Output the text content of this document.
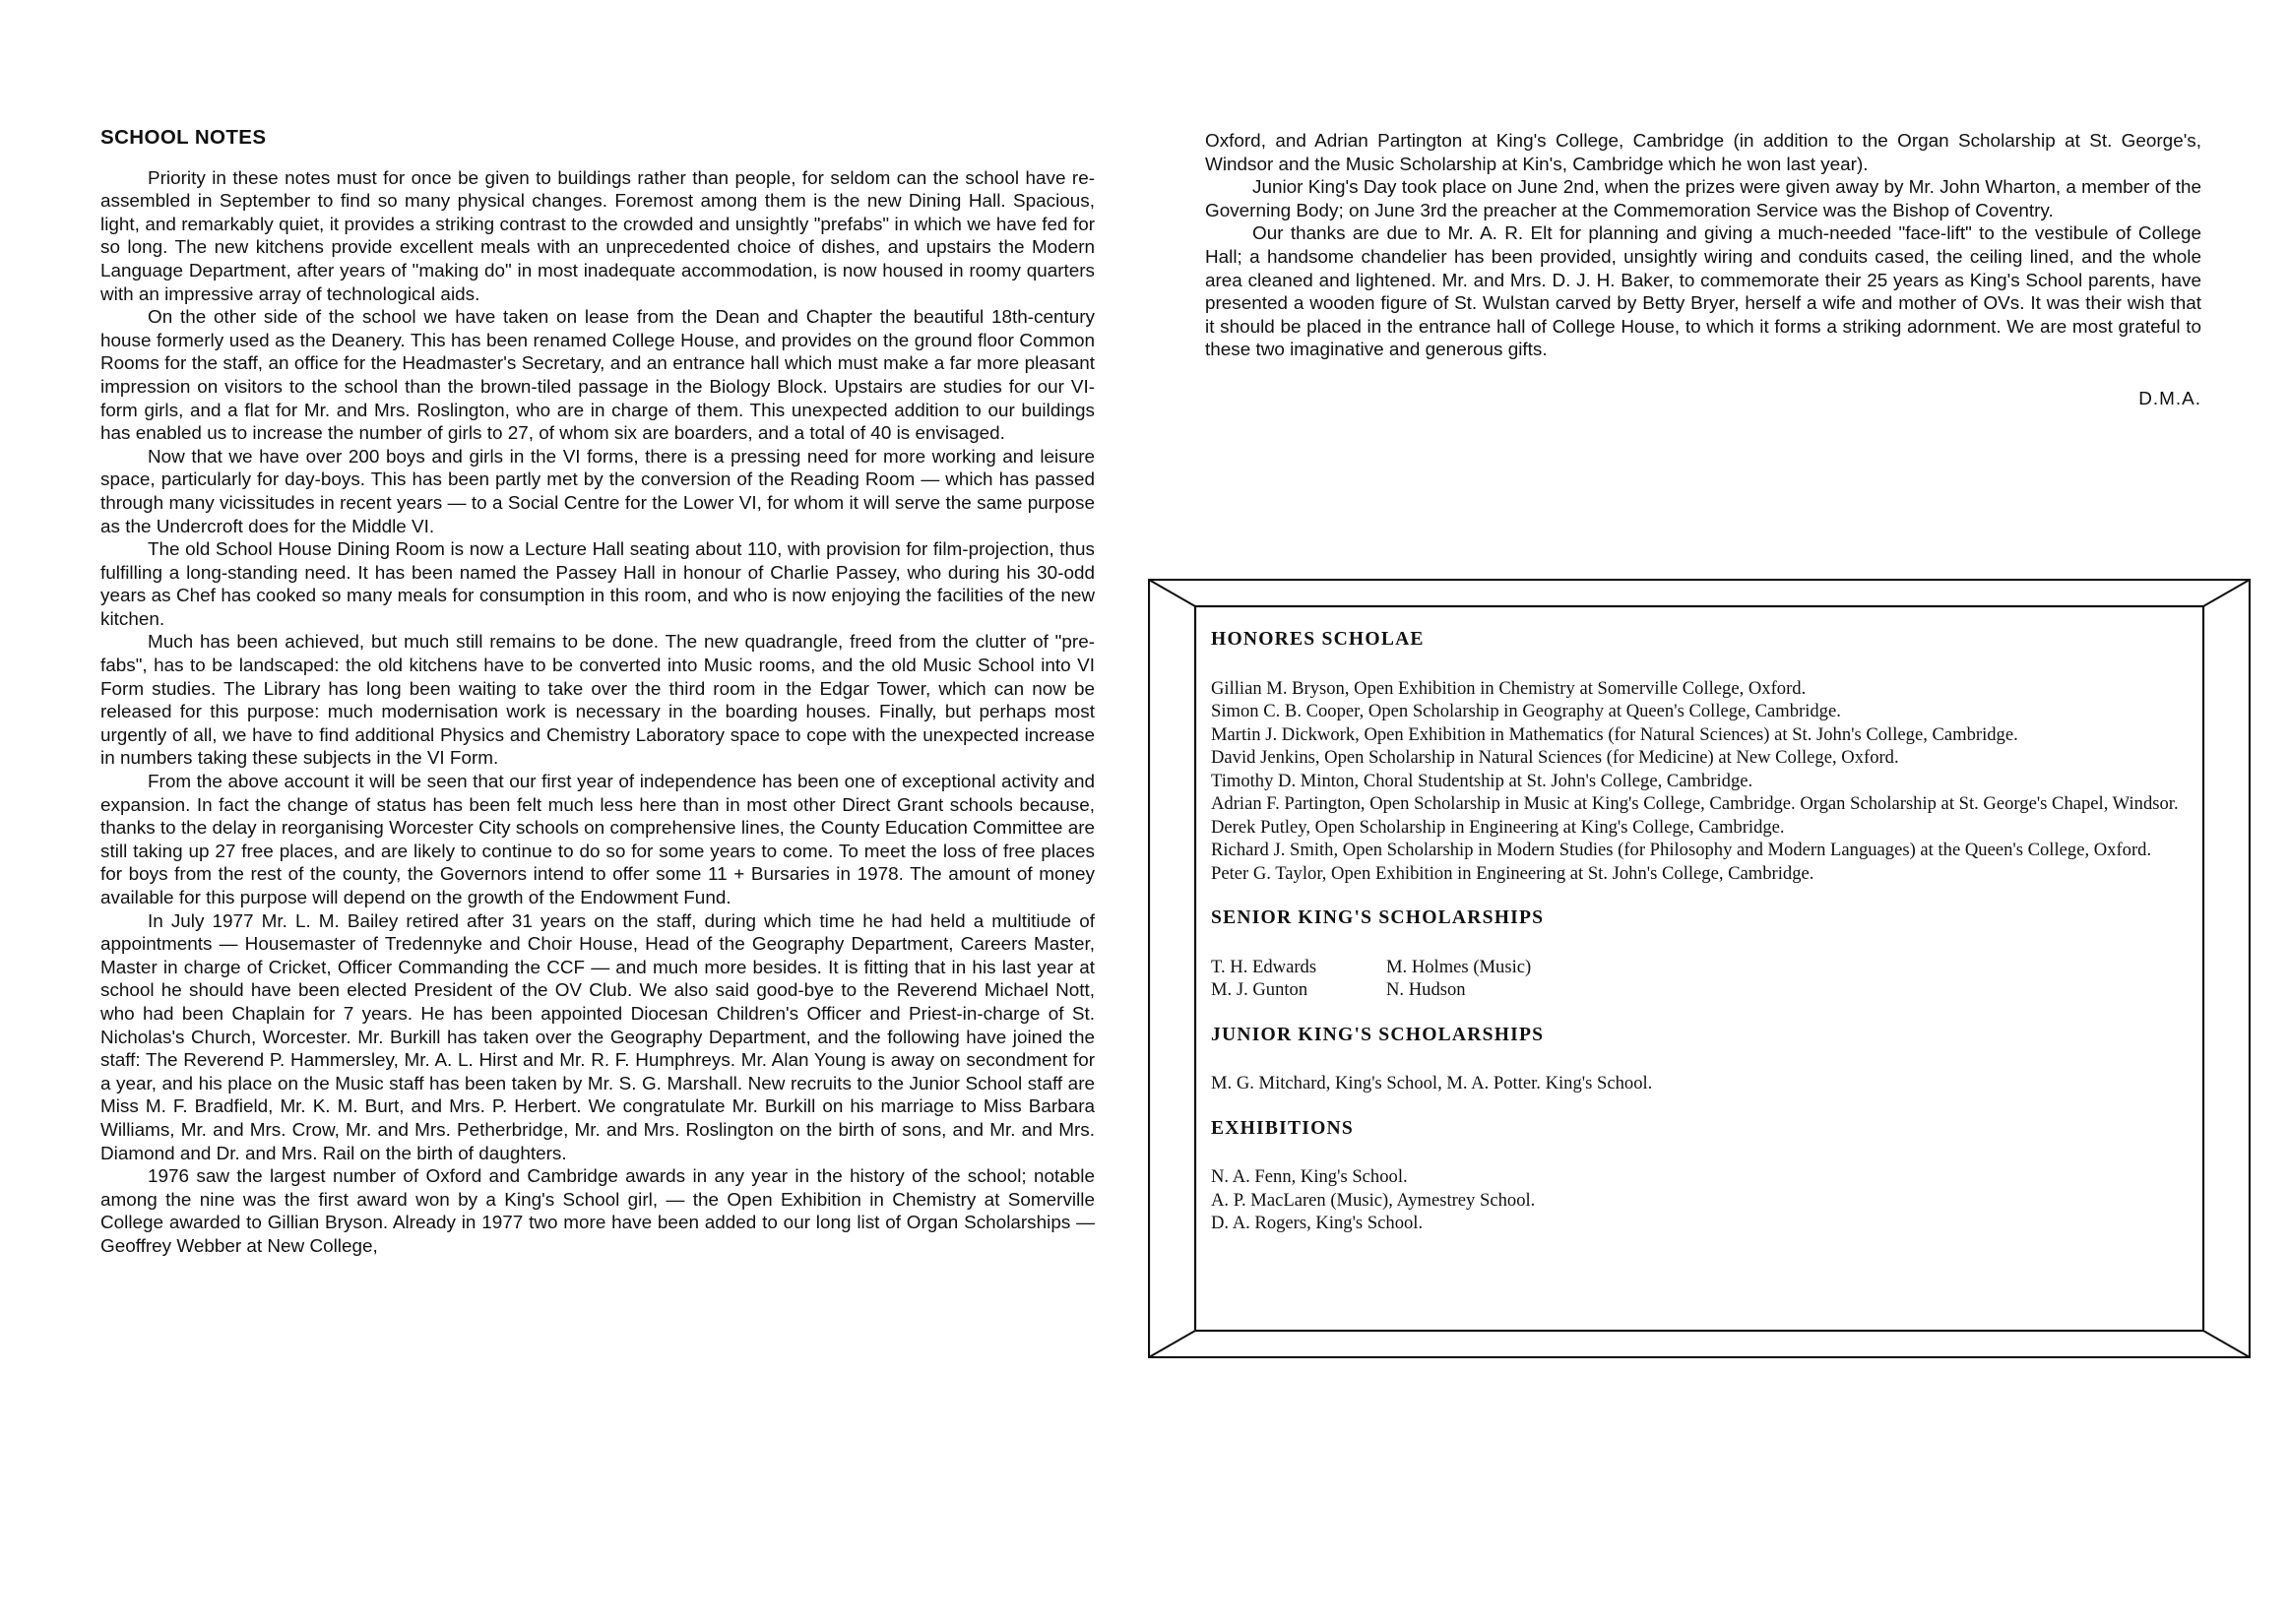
SCHOOL NOTES

Priority in these notes must for once be given to buildings rather than people, for seldom can the school have re-assembled in September to find so many physical changes. Foremost among them is the new Dining Hall. Spacious, light, and remarkably quiet, it provides a striking contrast to the crowded and unsightly "prefabs" in which we have fed for so long. The new kitchens provide excellent meals with an unprecedented choice of dishes, and upstairs the Modern Language Department, after years of "making do" in most inadequate accommodation, is now housed in roomy quarters with an impressive array of technological aids.

On the other side of the school we have taken on lease from the Dean and Chapter the beautiful 18th-century house formerly used as the Deanery. This has been renamed College House, and provides on the ground floor Common Rooms for the staff, an office for the Headmaster's Secretary, and an entrance hall which must make a far more pleasant impression on visitors to the school than the brown-tiled passage in the Biology Block. Upstairs are studies for our VI-form girls, and a flat for Mr. and Mrs. Roslington, who are in charge of them. This unexpected addition to our buildings has enabled us to increase the number of girls to 27, of whom six are boarders, and a total of 40 is envisaged.

Now that we have over 200 boys and girls in the VI forms, there is a pressing need for more working and leisure space, particularly for day-boys. This has been partly met by the conversion of the Reading Room — which has passed through many vicissitudes in recent years — to a Social Centre for the Lower VI, for whom it will serve the same purpose as the Undercroft does for the Middle VI.

The old School House Dining Room is now a Lecture Hall seating about 110, with provision for film-projection, thus fulfilling a long-standing need. It has been named the Passey Hall in honour of Charlie Passey, who during his 30-odd years as Chef has cooked so many meals for consumption in this room, and who is now enjoying the facilities of the new kitchen.

Much has been achieved, but much still remains to be done. The new quadrangle, freed from the clutter of "pre-fabs", has to be landscaped: the old kitchens have to be converted into Music rooms, and the old Music School into VI Form studies. The Library has long been waiting to take over the third room in the Edgar Tower, which can now be released for this purpose: much modernisation work is necessary in the boarding houses. Finally, but perhaps most urgently of all, we have to find additional Physics and Chemistry Laboratory space to cope with the unexpected increase in numbers taking these subjects in the VI Form.

From the above account it will be seen that our first year of independence has been one of exceptional activity and expansion. In fact the change of status has been felt much less here than in most other Direct Grant schools because, thanks to the delay in reorganising Worcester City schools on comprehensive lines, the County Education Committee are still taking up 27 free places, and are likely to continue to do so for some years to come. To meet the loss of free places for boys from the rest of the county, the Governors intend to offer some 11 + Bursaries in 1978. The amount of money available for this purpose will depend on the growth of the Endowment Fund.

In July 1977 Mr. L. M. Bailey retired after 31 years on the staff, during which time he had held a multitiude of appointments — Housemaster of Tredennyke and Choir House, Head of the Geography Department, Careers Master, Master in charge of Cricket, Officer Commanding the CCF — and much more besides. It is fitting that in his last year at school he should have been elected President of the OV Club. We also said good-bye to the Reverend Michael Nott, who had been Chaplain for 7 years. He has been appointed Diocesan Children's Officer and Priest-in-charge of St. Nicholas's Church, Worcester. Mr. Burkill has taken over the Geography Department, and the following have joined the staff: The Reverend P. Hammersley, Mr. A. L. Hirst and Mr. R. F. Humphreys. Mr. Alan Young is away on secondment for a year, and his place on the Music staff has been taken by Mr. S. G. Marshall. New recruits to the Junior School staff are Miss M. F. Bradfield, Mr. K. M. Burt, and Mrs. P. Herbert. We congratulate Mr. Burkill on his marriage to Miss Barbara Williams, Mr. and Mrs. Crow, Mr. and Mrs. Petherbridge, Mr. and Mrs. Roslington on the birth of sons, and Mr. and Mrs. Diamond and Dr. and Mrs. Rail on the birth of daughters.

1976 saw the largest number of Oxford and Cambridge awards in any year in the history of the school; notable among the nine was the first award won by a King's School girl, — the Open Exhibition in Chemistry at Somerville College awarded to Gillian Bryson. Already in 1977 two more have been added to our long list of Organ Scholarships — Geoffrey Webber at New College,

Oxford, and Adrian Partington at King's College, Cambridge (in addition to the Organ Scholarship at St. George's, Windsor and the Music Scholarship at Kin's, Cambridge which he won last year).

Junior King's Day took place on June 2nd, when the prizes were given away by Mr. John Wharton, a member of the Governing Body; on June 3rd the preacher at the Commemoration Service was the Bishop of Coventry.

Our thanks are due to Mr. A. R. Elt for planning and giving a much-needed "face-lift" to the vestibule of College Hall; a handsome chandelier has been provided, unsightly wiring and conduits cased, the ceiling lined, and the whole area cleaned and lightened. Mr. and Mrs. D. J. H. Baker, to commemorate their 25 years as King's School parents, have presented a wooden figure of St. Wulstan carved by Betty Bryer, herself a wife and mother of OVs. It was their wish that it should be placed in the entrance hall of College House, to which it forms a striking adornment. We are most grateful to these two imaginative and generous gifts.

D.M.A.
HONORES SCHOLAE
Gillian M. Bryson, Open Exhibition in Chemistry at Somerville College, Oxford.
Simon C. B. Cooper, Open Scholarship in Geography at Queen's College, Cambridge.
Martin J. Dickwork, Open Exhibition in Mathematics (for Natural Sciences) at St. John's College, Cambridge.
David Jenkins, Open Scholarship in Natural Sciences (for Medicine) at New College, Oxford.
Timothy D. Minton, Choral Studentship at St. John's College, Cambridge.
Adrian F. Partington, Open Scholarship in Music at King's College, Cambridge. Organ Scholarship at St. George's Chapel, Windsor.
Derek Putley, Open Scholarship in Engineering at King's College, Cambridge.
Richard J. Smith, Open Scholarship in Modern Studies (for Philosophy and Modern Languages) at the Queen's College, Oxford.
Peter G. Taylor, Open Exhibition in Engineering at St. John's College, Cambridge.
SENIOR KING'S SCHOLARSHIPS
T. H. Edwards	M. Holmes (Music)
M. J. Gunton	N. Hudson
JUNIOR KING'S SCHOLARSHIPS
M. G. Mitchard, King's School, M. A. Potter. King's School.
EXHIBITIONS
N. A. Fenn, King's School.
A. P. MacLaren (Music), Aymestrey School.
D. A. Rogers, King's School.
